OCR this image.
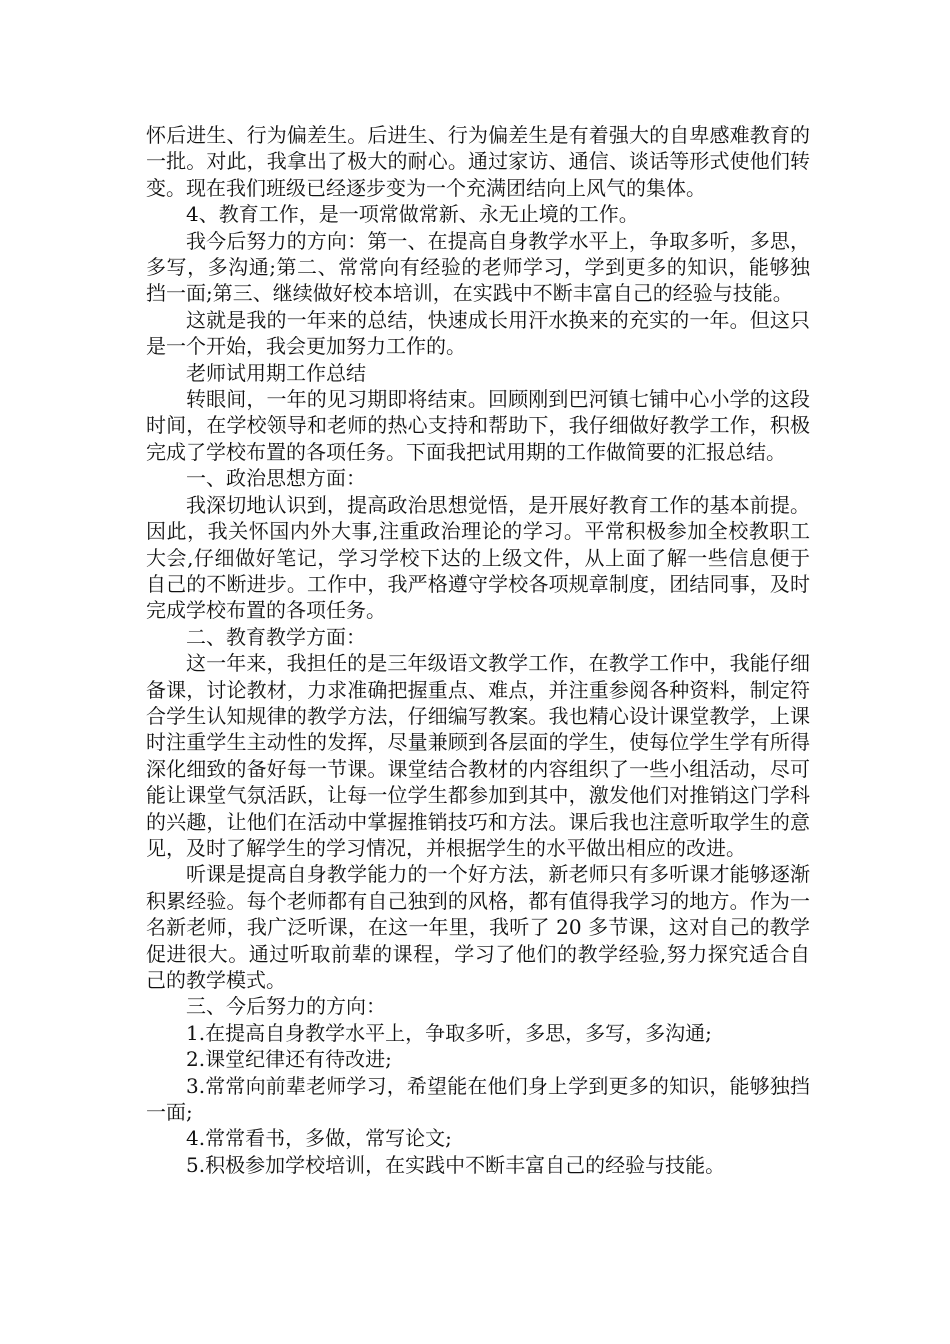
怀后进生、行为偏差生。后进生、行为偏差生是有着强大的自卑感难教育的一批。对此，我拿出了极大的耐心。通过家访、通信、谈话等形式使他们转变。现在我们班级已经逐步变为一个充满团结向上风气的集体。

4、教育工作，是一项常做常新、永无止境的工作。

我今后努力的方向：第一、在提高自身教学水平上，争取多听，多思，多写，多沟通;第二、常常向有经验的老师学习，学到更多的知识，能够独挡一面;第三、继续做好校本培训，在实践中不断丰富自己的经验与技能。

这就是我的一年来的总结，快速成长用汗水换来的充实的一年。但这只是一个开始，我会更加努力工作的。

老师试用期工作总结

转眼间，一年的见习期即将结束。回顾刚到巴河镇七铺中心小学的这段时间，在学校领导和老师的热心支持和帮助下，我仔细做好教学工作，积极完成了学校布置的各项任务。下面我把试用期的工作做简要的汇报总结。

一、政治思想方面：

我深切地认识到，提高政治思想觉悟，是开展好教育工作的基本前提。因此，我关怀国内外大事,注重政治理论的学习。平常积极参加全校教职工大会,仔细做好笔记，学习学校下达的上级文件，从上面了解一些信息便于自己的不断进步。工作中，我严格遵守学校各项规章制度，团结同事，及时完成学校布置的各项任务。

二、教育教学方面：

这一年来，我担任的是三年级语文教学工作，在教学工作中，我能仔细备课，讨论教材，力求准确把握重点、难点，并注重参阅各种资料，制定符合学生认知规律的教学方法，仔细编写教案。我也精心设计课堂教学，上课时注重学生主动性的发挥，尽量兼顾到各层面的学生，使每位学生学有所得深化细致的备好每一节课。课堂结合教材的内容组织了一些小组活动，尽可能让课堂气氛活跃，让每一位学生都参加到其中，激发他们对推销这门学科的兴趣，让他们在活动中掌握推销技巧和方法。课后我也注意听取学生的意见，及时了解学生的学习情况，并根据学生的水平做出相应的改进。

听课是提高自身教学能力的一个好方法，新老师只有多听课才能够逐渐积累经验。每个老师都有自己独到的风格，都有值得我学习的地方。作为一名新老师，我广泛听课，在这一年里，我听了 20 多节课，这对自己的教学促进很大。通过听取前辈的课程，学习了他们的教学经验,努力探究适合自己的教学模式。

三、今后努力的方向：

1.在提高自身教学水平上，争取多听，多思，多写，多沟通;

2.课堂纪律还有待改进;

3.常常向前辈老师学习，希望能在他们身上学到更多的知识，能够独挡一面;

4.常常看书，多做，常写论文;

5.积极参加学校培训，在实践中不断丰富自己的经验与技能。
